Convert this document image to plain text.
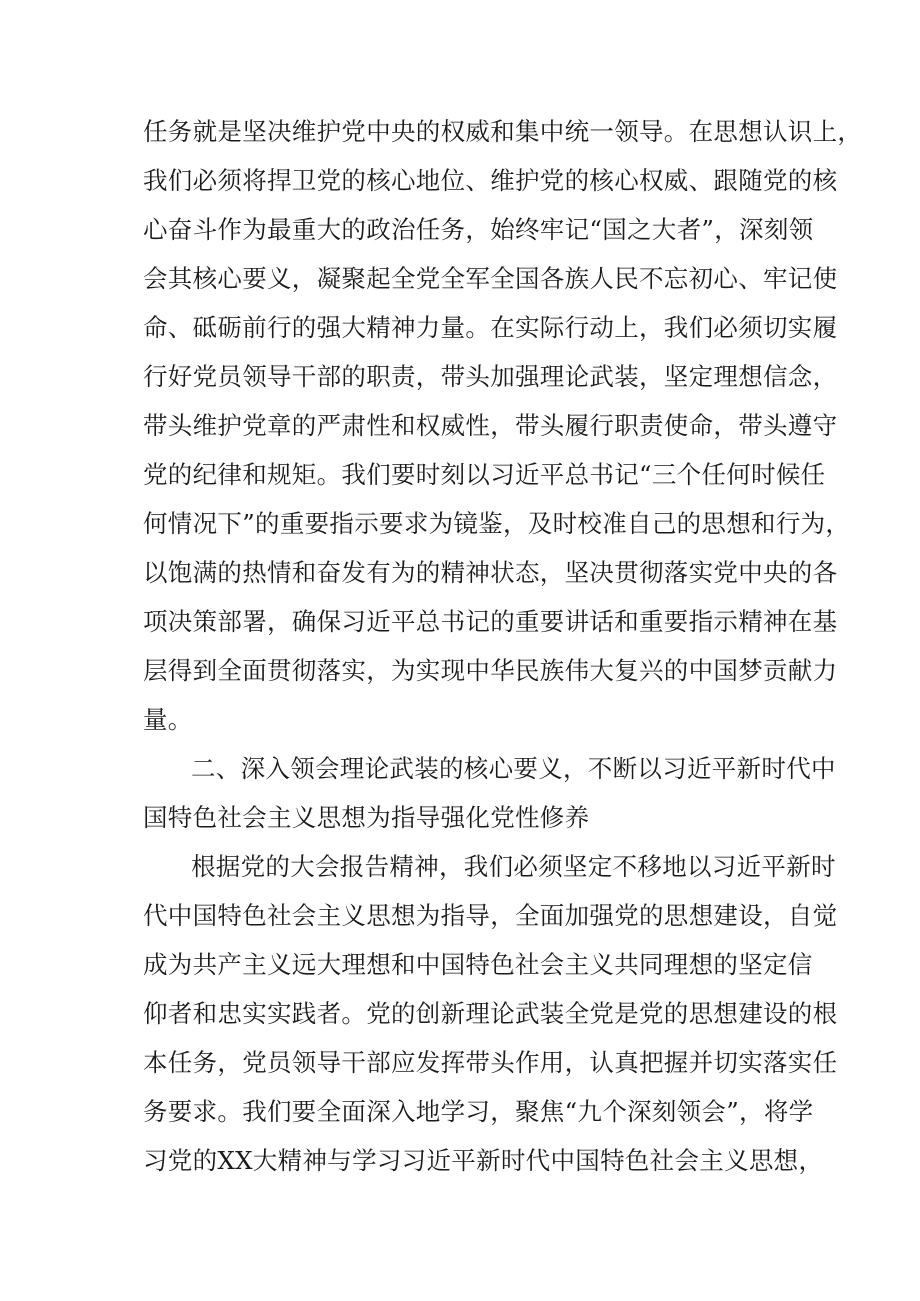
任务就是坚决维护党中央的权威和集中统一领导。在思想认识上，
我们必须将捍卫党的核心地位、维护党的核心权威、跟随党的核
心奋斗作为最重大的政治任务，始终牢记“国之大者”，深刻领
会其核心要义，凝聚起全党全军全国各族人民不忘初心、牢记使
命、砥砺前行的强大精神力量。在实际行动上，我们必须切实履
行好党员领导干部的职责，带头加强理论武装，坚定理想信念，
带头维护党章的严肃性和权威性，带头履行职责使命，带头遵守
党的纪律和规矩。我们要时刻以习近平总书记“三个任何时候任
何情况下”的重要指示要求为镜鉴，及时校准自己的思想和行为，
以饱满的热情和奋发有为的精神状态，坚决贯彻落实党中央的各
项决策部署，确保习近平总书记的重要讲话和重要指示精神在基
层得到全面贯彻落实，为实现中华民族伟大复兴的中国梦贡献力
量。
二、深入领会理论武装的核心要义，不断以习近平新时代中
国特色社会主义思想为指导强化党性修养
根据党的大会报告精神，我们必须坚定不移地以习近平新时
代中国特色社会主义思想为指导，全面加强党的思想建设，自觉
成为共产主义远大理想和中国特色社会主义共同理想的坚定信
仰者和忠实实践者。党的创新理论武装全党是党的思想建设的根
本任务，党员领导干部应发挥带头作用，认真把握并切实落实任
务要求。我们要全面深入地学习，聚焦“九个深刻领会”，将学
习党的XX大精神与学习习近平新时代中国特色社会主义思想，
